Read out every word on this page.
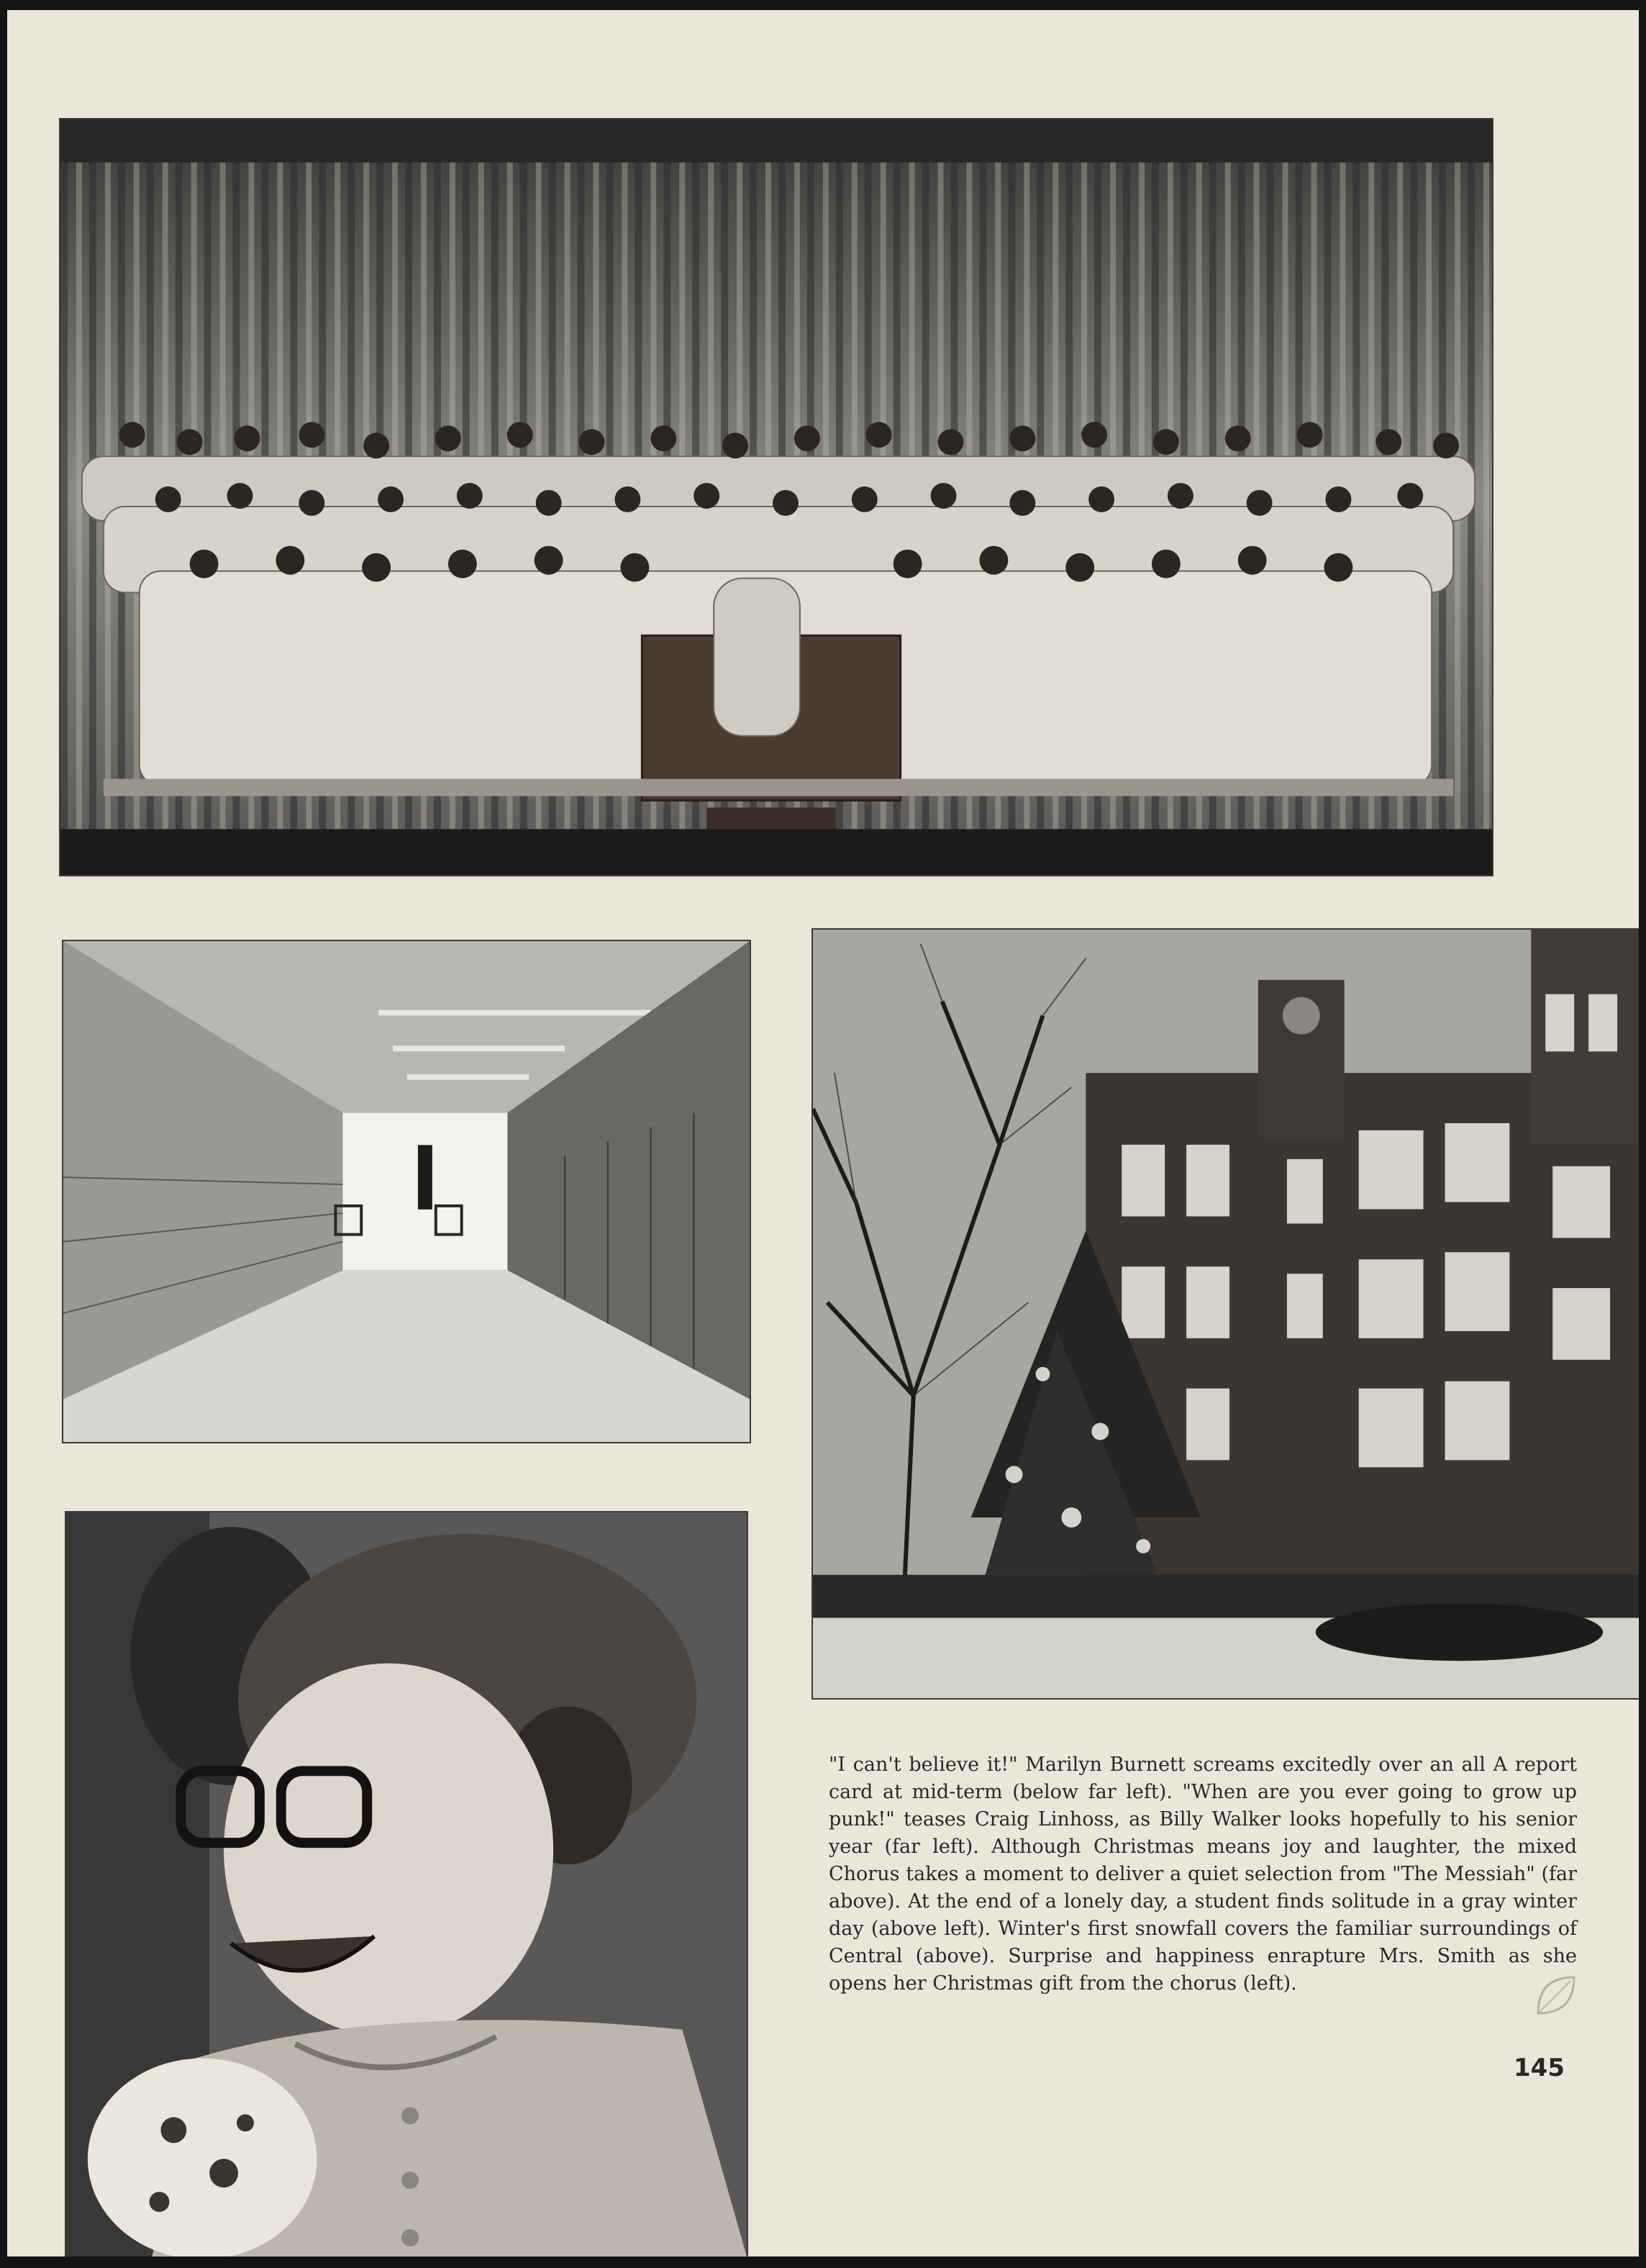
"I can't believe it!" Marilyn Burnett screams excitedly over an all A report card at mid-term (below far left). "When are you ever going to grow up punk!" teases Craig Linhoss, as Billy Walker looks hopefully to his senior year (far left). Although Christmas means joy and laughter, the mixed Chorus takes a moment to deliver a quiet selection from "The Messiah" (far above). At the end of a lonely day, a student finds solitude in a gray winter day (above left). Winter's first snowfall covers the familiar surroundings of Central (above). Surprise and happiness enrapture Mrs. Smith as she opens her Christmas gift from the chorus (left).

145
